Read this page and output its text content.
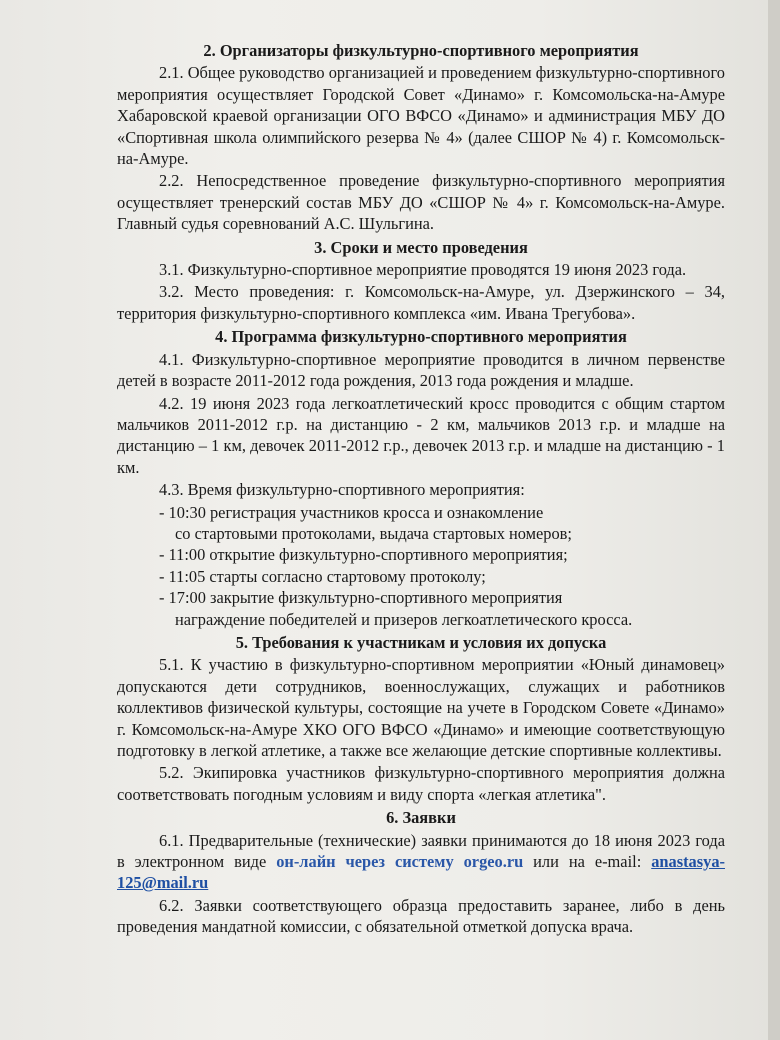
2. Организаторы физкультурно-спортивного мероприятия
2.1. Общее руководство организацией и проведением физкультурно-спортивного мероприятия осуществляет Городской Совет «Динамо» г. Комсомольска-на-Амуре Хабаровской краевой организации ОГО ВФСО «Динамо» и администрация МБУ ДО «Спортивная школа олимпийского резерва № 4» (далее СШОР № 4) г. Комсомольск-на-Амуре.
2.2. Непосредственное проведение физкультурно-спортивного мероприятия осуществляет тренерский состав МБУ ДО «СШОР № 4» г. Комсомольск-на-Амуре. Главный судья соревнований А.С. Шульгина.
3. Сроки и место проведения
3.1. Физкультурно-спортивное мероприятие проводятся 19 июня 2023 года.
3.2. Место проведения: г. Комсомольск-на-Амуре, ул. Дзержинского – 34, территория физкультурно-спортивного комплекса «им. Ивана Трегубова».
4. Программа физкультурно-спортивного мероприятия
4.1. Физкультурно-спортивное мероприятие проводится в личном первенстве детей в возрасте 2011-2012 года рождения, 2013 года рождения и младше.
4.2. 19 июня 2023 года легкоатлетический кросс проводится с общим стартом мальчиков 2011-2012 г.р. на дистанцию - 2 км, мальчиков 2013 г.р. и младше на дистанцию – 1 км, девочек 2011-2012 г.р., девочек 2013 г.р. и младше на дистанцию - 1 км.
4.3. Время физкультурно-спортивного мероприятия:
- 10:30 регистрация участников кросса и ознакомление
со стартовыми протоколами, выдача стартовых номеров;
- 11:00 открытие физкультурно-спортивного мероприятия;
- 11:05 старты согласно стартовому протоколу;
- 17:00 закрытие физкультурно-спортивного мероприятия
награждение победителей и призеров легкоатлетического кросса.
5. Требования к участникам и условия их допуска
5.1. К участию в физкультурно-спортивном мероприятии «Юный динамовец» допускаются дети сотрудников, военнослужащих, служащих и работников коллективов физической культуры, состоящие на учете в Городском Совете «Динамо» г. Комсомольск-на-Амуре ХКО ОГО ВФСО «Динамо» и имеющие соответствующую подготовку в легкой атлетике, а также все желающие детские спортивные коллективы.
5.2. Экипировка участников физкультурно-спортивного мероприятия должна соответствовать погодным условиям и виду спорта «легкая атлетика".
6. Заявки
6.1. Предварительные (технические) заявки принимаются до 18 июня 2023 года в электронном виде он-лайн через систему orgeo.ru или на e-mail: anastasya-125@mail.ru
6.2. Заявки соответствующего образца предоставить заранее, либо в день проведения мандатной комиссии, с обязательной отметкой допуска врача.
